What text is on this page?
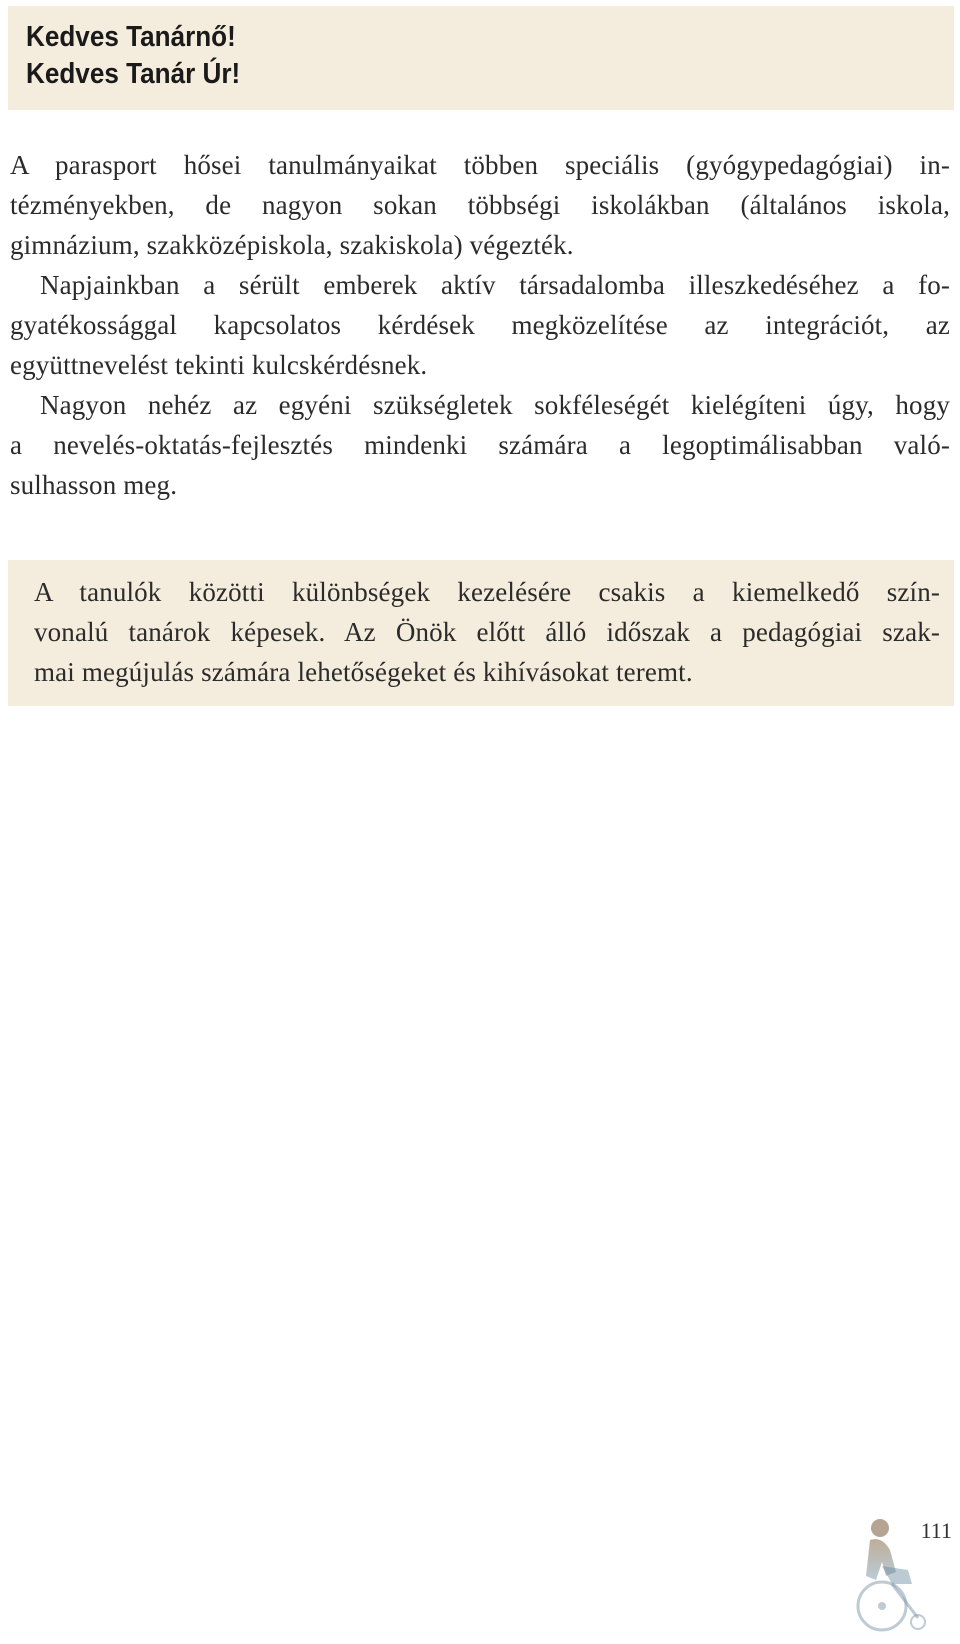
Kedves Tanárnő!

Kedves Tanár Úr!

A parasport hősei tanulmányaikat többen speciális (gyógypedagógiai) in-
tézményekben, de nagyon sokan többségi iskolákban (általános iskola,
gimnázium, szakközépiskola, szakiskola) végezték.
Napjainkban a sérült emberek aktív társadalomba illeszkedéséhez a fo-
gyatékossággal kapcsolatos kérdések megközelítése az integrációt, az
együttnevelést tekinti kulcskérdésnek.
Nagyon nehéz az egyéni szükségletek sokféleségét kielégíteni úgy, hogy
a nevelés-oktatás-fejlesztés mindenki számára a legoptimálisabban való-
sulhasson meg.
A tanulók közötti különbségek kezelésére csakis a kiemelkedő szín-
vonalú tanárok képesek. Az Önök előtt álló időszak a pedagógiai szak-
mai megújulás számára lehetőségeket és kihívásokat teremt.
111
